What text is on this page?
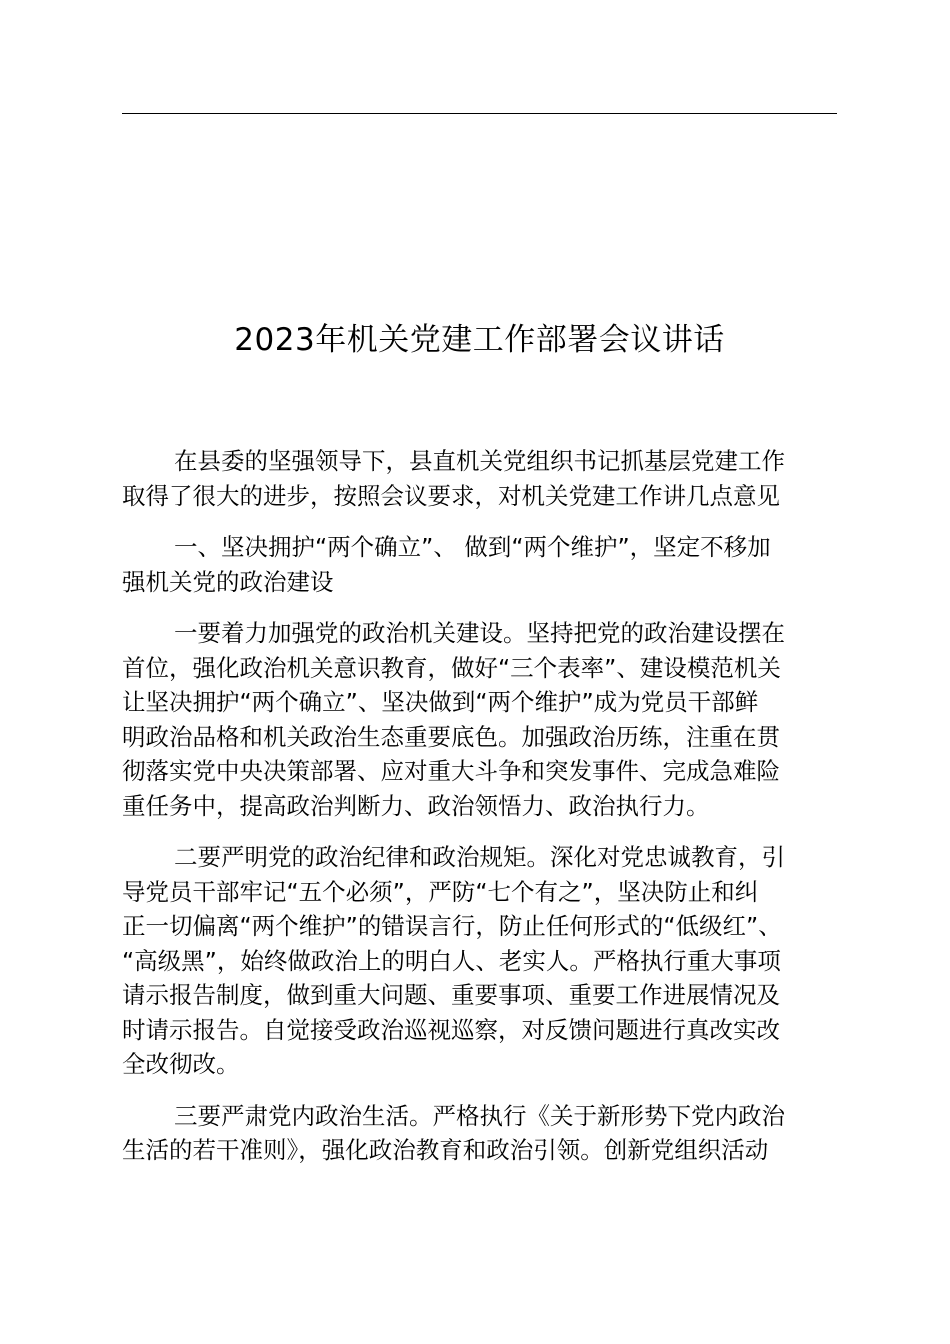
2023年机关党建工作部署会议讲话
在县委的坚强领导下，县直机关党组织书记抓基层党建工作
取得了很大的进步，按照会议要求，对机关党建工作讲几点意见
一、坚决拥护“两个确立”、 做到“两个维护”，坚定不移加
强机关党的政治建设
一要着力加强党的政治机关建设。坚持把党的政治建设摆在
首位，强化政治机关意识教育，做好“三个表率”、建设模范机关
让坚决拥护“两个确立”、坚决做到“两个维护”成为党员干部鲜
明政治品格和机关政治生态重要底色。加强政治历练，注重在贯
彻落实党中央决策部署、应对重大斗争和突发事件、完成急难险
重任务中，提高政治判断力、政治领悟力、政治执行力。
二要严明党的政治纪律和政治规矩。深化对党忠诚教育，引
导党员干部牢记“五个必须”，严防“七个有之”，坚决防止和纠
正一切偏离“两个维护”的错误言行，防止任何形式的“低级红”、
“高级黑”，始终做政治上的明白人、老实人。严格执行重大事项
请示报告制度，做到重大问题、重要事项、重要工作进展情况及
时请示报告。自觉接受政治巡视巡察，对反馈问题进行真改实改
全改彻改。
三要严肃党内政治生活。严格执行《关于新形势下党内政治
生活的若干准则》，强化政治教育和政治引领。创新党组织活动
